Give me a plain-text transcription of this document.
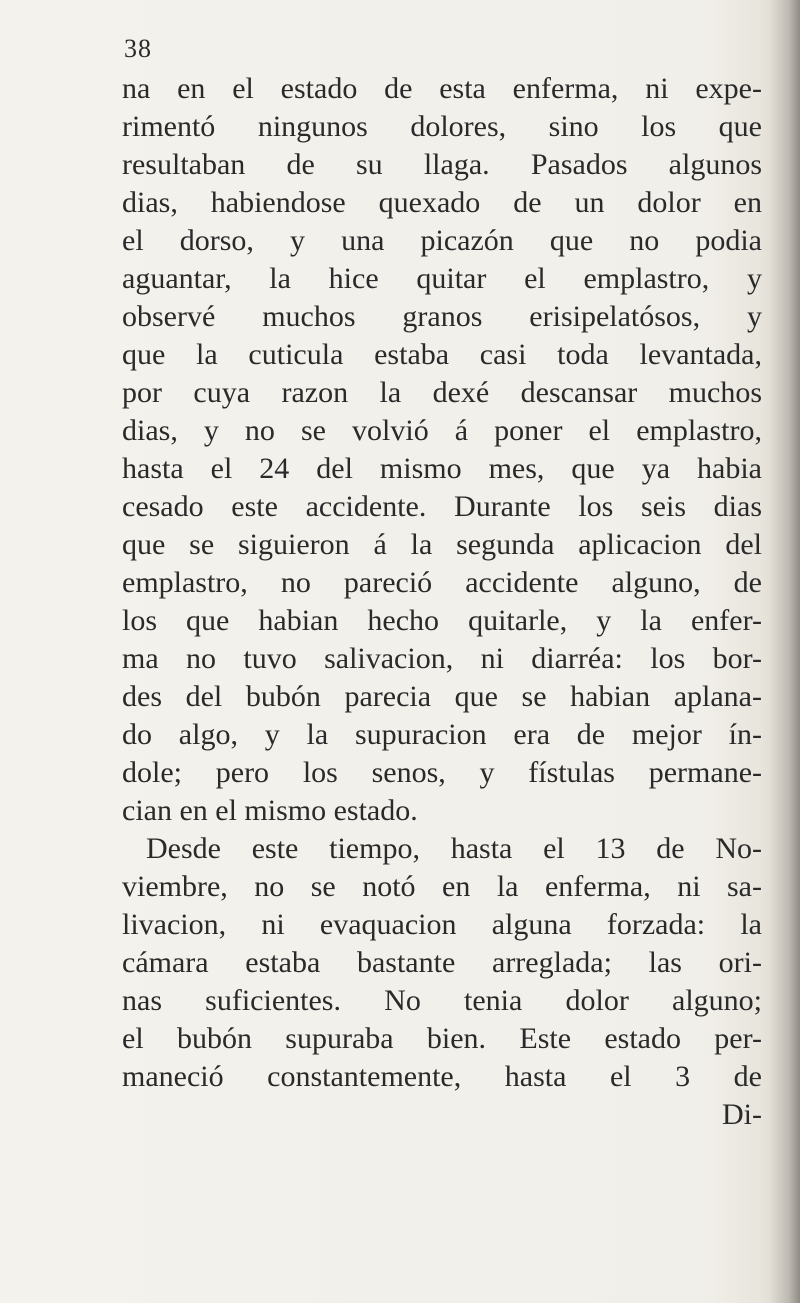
38
na en el estado de esta enferma, ni expe-
rimentó ningunos dolores, sino los que
resultaban de su llaga. Pasados algunos
dias, habiendose quexado de un dolor en
el dorso, y una picazón que no podia
aguantar, la hice quitar el emplastro, y
observé muchos granos erisipelatósos, y
que la cuticula estaba casi toda levantada,
por cuya razon la dexé descansar muchos
dias, y no se volvió á poner el emplastro,
hasta el 24 del mismo mes, que ya habia
cesado este accidente. Durante los seis dias
que se siguieron á la segunda aplicacion del
emplastro, no pareció accidente alguno, de
los que habian hecho quitarle, y la enfer-
ma no tuvo salivacion, ni diarréa: los bor-
des del bubón parecia que se habian aplana-
do algo, y la supuracion era de mejor ín-
dole; pero los senos, y fístulas permane-
cian en el mismo estado.
Desde este tiempo, hasta el 13 de No-
viembre, no se notó en la enferma, ni sa-
livacion, ni evaquacion alguna forzada: la
cámara estaba bastante arreglada; las ori-
nas suficientes. No tenia dolor alguno;
el bubón supuraba bien. Este estado per-
maneció constantemente, hasta el 3 de
Di-
